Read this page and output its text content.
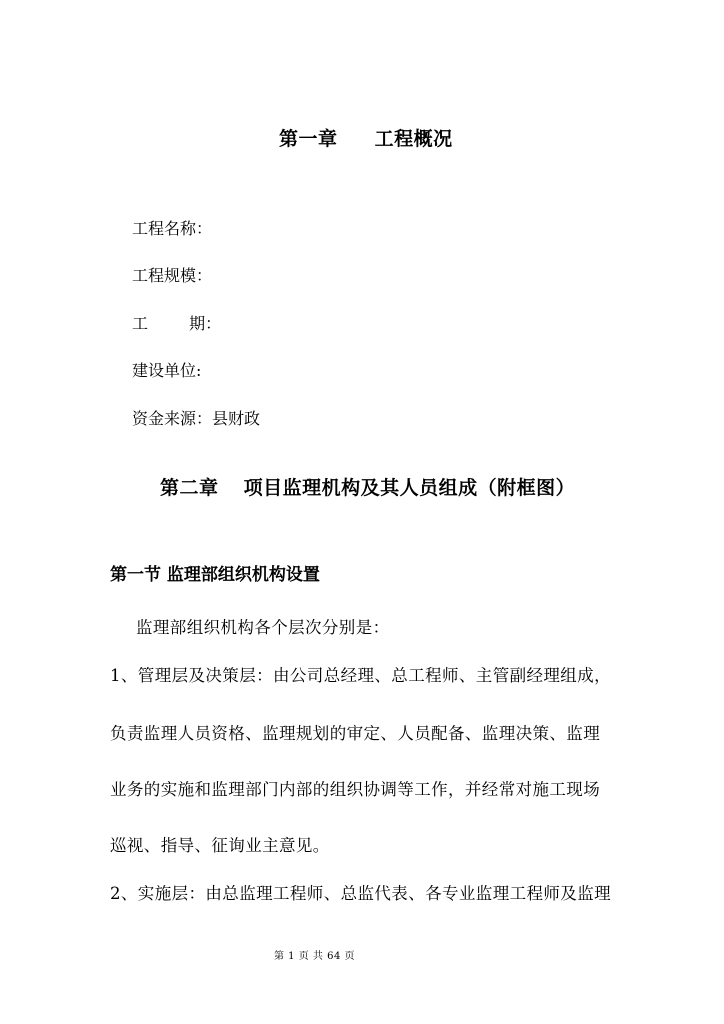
第一章 工程概况
工程名称：
工程规模：
工	期：
建设单位:
资金来源：县财政
第二章 项目监理机构及其人员组成（附框图）
第一节 监理部组织机构设置
监理部组织机构各个层次分别是：
1、管理层及决策层：由公司总经理、总工程师、主管副经理组成，
负责监理人员资格、监理规划的审定、人员配备、监理决策、监理
业务的实施和监理部门内部的组织协调等工作，并经常对施工现场
巡视、指导、征询业主意见。
2、实施层：由总监理工程师、总监代表、各专业监理工程师及监理
第 1 页 共 64 页
